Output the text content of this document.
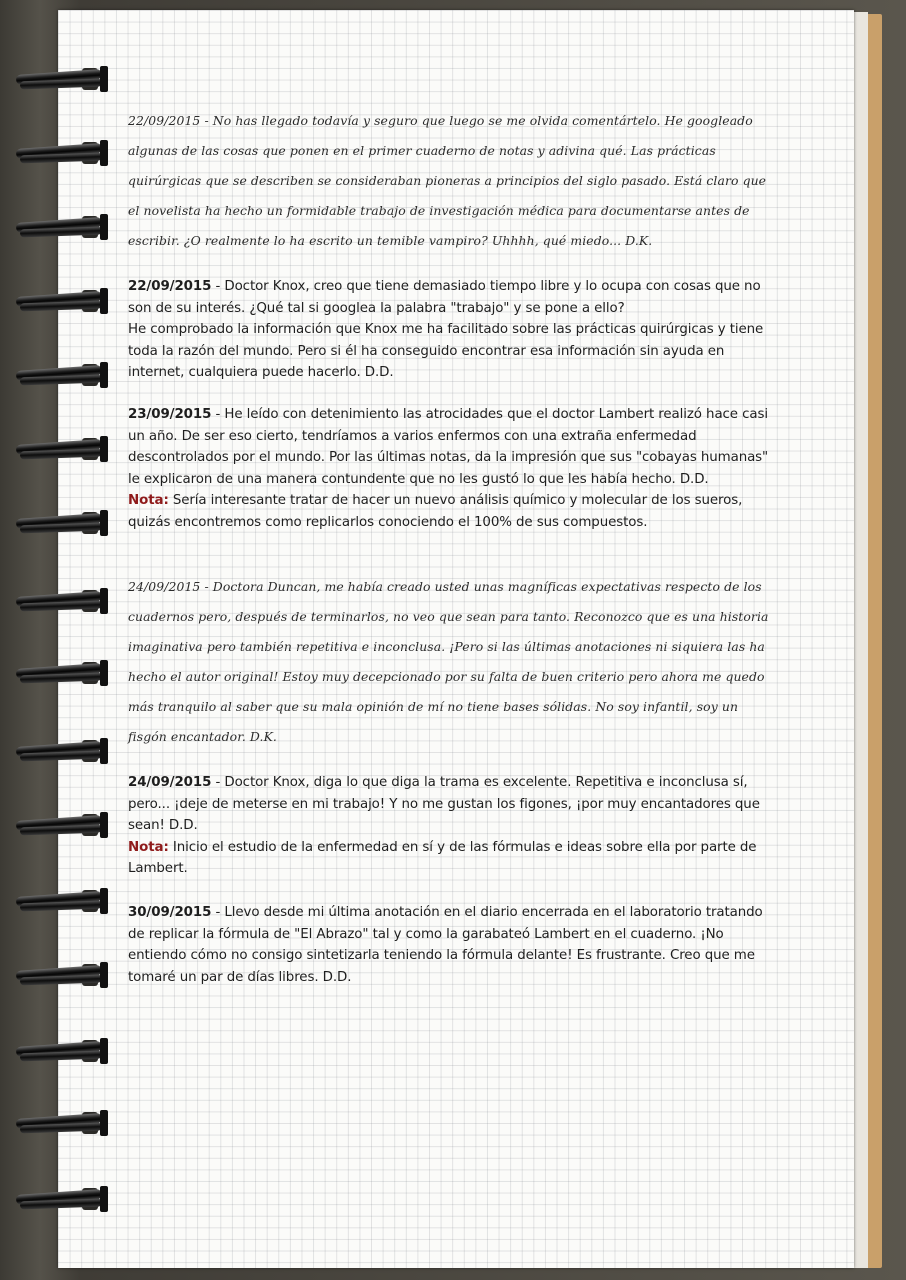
22/09/2015 - No has llegado todavía y seguro que luego se me olvida comentártelo. He googleado algunas de las cosas que ponen en el primer cuaderno de notas y adivina qué. Las prácticas quirúrgicas que se describen se consideraban pioneras a principios del siglo pasado. Está claro que el novelista ha hecho un formidable trabajo de investigación médica para documentarse antes de escribir. ¿O realmente lo ha escrito un temible vampiro? Uhhhh, qué miedo... D.K.

22/09/2015 - Doctor Knox, creo que tiene demasiado tiempo libre y lo ocupa con cosas que no son de su interés. ¿Qué tal si googlea la palabra "trabajo" y se pone a ello?

He comprobado la información que Knox me ha facilitado sobre las prácticas quirúrgicas y tiene toda la razón del mundo. Pero si él ha conseguido encontrar esa información sin ayuda en internet, cualquiera puede hacerlo. D.D.

23/09/2015 - He leído con detenimiento las atrocidades que el doctor Lambert realizó hace casi un año. De ser eso cierto, tendríamos a varios enfermos con una extraña enfermedad descontrolados por el mundo. Por las últimas notas, da la impresión que sus "cobayas humanas" le explicaron de una manera contundente que no les gustó lo que les había hecho. D.D.

Nota: Sería interesante tratar de hacer un nuevo análisis químico y molecular de los sueros, quizás encontremos como replicarlos conociendo el 100% de sus compuestos.

24/09/2015 - Doctora Duncan, me había creado usted unas magníficas expectativas respecto de los cuadernos pero, después de terminarlos, no veo que sean para tanto. Reconozco que es una historia imaginativa pero también repetitiva e inconclusa. ¡Pero si las últimas anotaciones ni siquiera las ha hecho el autor original! Estoy muy decepcionado por su falta de buen criterio pero ahora me quedo más tranquilo al saber que su mala opinión de mí no tiene bases sólidas. No soy infantil, soy un fisgón encantador. D.K.

24/09/2015 - Doctor Knox, diga lo que diga la trama es excelente. Repetitiva e inconclusa sí, pero... ¡deje de meterse en mi trabajo! Y no me gustan los figones, ¡por muy encantadores que sean! D.D.

Nota: Inicio el estudio de la enfermedad en sí y de las fórmulas e ideas sobre ella por parte de Lambert.

30/09/2015 - Llevo desde mi última anotación en el diario encerrada en el laboratorio tratando de replicar la fórmula de "El Abrazo" tal y como la garabateó Lambert en el cuaderno. ¡No entiendo cómo no consigo sintetizarla teniendo la fórmula delante! Es frustrante. Creo que me tomaré un par de días libres. D.D.
